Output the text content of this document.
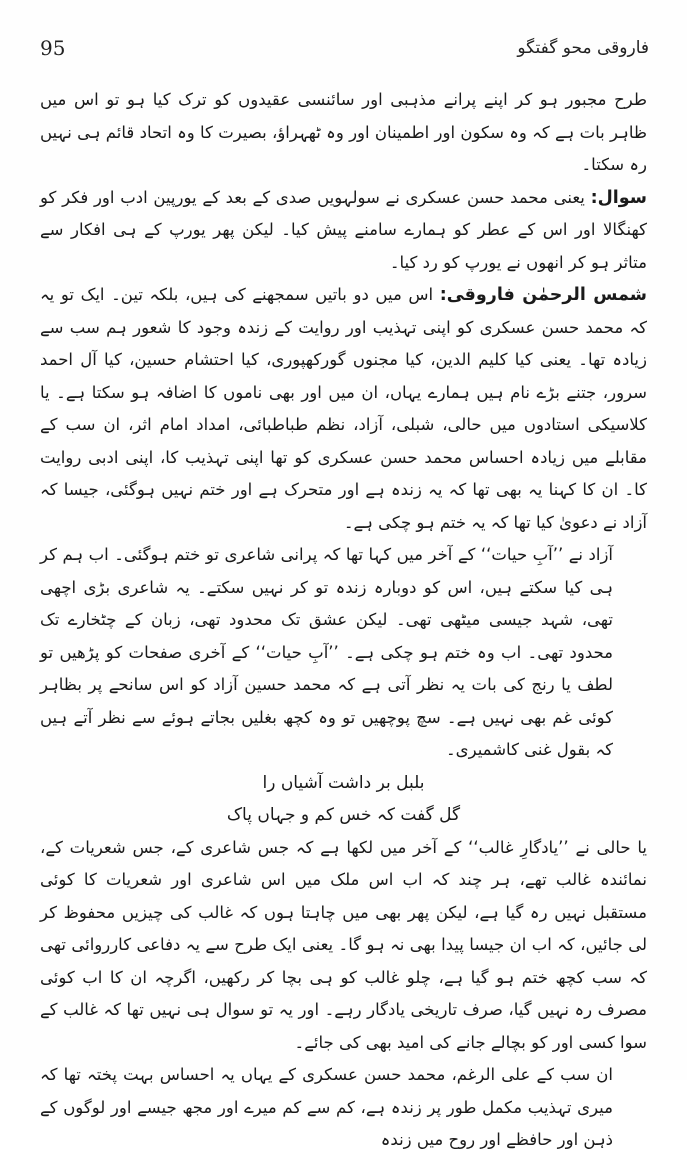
95	فاروقی محو گفتگو

طرح مجبور ہو کر اپنے پرانے مذہبی اور سائنسی عقیدوں کو ترک کیا ہو تو اس میں ظاہر بات ہے کہ وہ سکون اور اطمینان اور وہ ٹھہراؤ، بصیرت کا وہ اتحاد قائم ہی نہیں رہ سکتا۔

سوال: یعنی محمد حسن عسکری نے سولہویں صدی کے بعد کے یورپین ادب اور فکر کو کھنگالا اور اس کے عطر کو ہمارے سامنے پیش کیا۔ لیکن پھر یورپ کے ہی افکار سے متاثر ہو کر انھوں نے یورپ کو رد کیا۔

شمس الرحمٰن فاروقی: اس میں دو باتیں سمجھنے کی ہیں، بلکہ تین۔ ایک تو یہ کہ محمد حسن عسکری کو اپنی تہذیب اور روایت کے زندہ وجود کا شعور ہم سب سے زیادہ تھا۔ یعنی کیا کلیم الدین، کیا مجنوں گورکھپوری، کیا احتشام حسین، کیا آل احمد سرور، جتنے بڑے نام ہیں ہمارے یہاں، ان میں اور بھی ناموں کا اضافہ ہو سکتا ہے۔ یا کلاسیکی استادوں میں حالی، شبلی، آزاد، نظم طباطبائی، امداد امام اثر، ان سب کے مقابلے میں زیادہ احساس محمد حسن عسکری کو تھا اپنی تہذیب کا، اپنی ادبی روایت کا۔ ان کا کہنا یہ بھی تھا کہ یہ زندہ ہے اور متحرک ہے اور ختم نہیں ہوگئی، جیسا کہ آزاد نے دعویٰ کیا تھا کہ یہ ختم ہو چکی ہے۔

آزاد نے ’’آبِ حیات‘‘ کے آخر میں کہا تھا کہ پرانی شاعری تو ختم ہوگئی۔ اب ہم کر ہی کیا سکتے ہیں، اس کو دوبارہ زندہ تو کر نہیں سکتے۔ یہ شاعری بڑی اچھی تھی، شہد جیسی میٹھی تھی۔ لیکن عشق تک محدود تھی، زبان کے چٹخارے تک محدود تھی۔ اب وہ ختم ہو چکی ہے۔ ’’آبِ حیات‘‘ کے آخری صفحات کو پڑھیں تو لطف یا رنج کی بات یہ نظر آتی ہے کہ محمد حسین آزاد کو اس سانحے پر بظاہر کوئی غم بھی نہیں ہے۔ سچ پوچھیں تو وہ کچھ بغلیں بجاتے ہوئے سے نظر آتے ہیں کہ بقول غنی کاشمیری۔

بلبل بر داشت آشیاں را

گل گفت کہ خس کم و جہاں پاک

یا حالی نے ’’یادگارِ غالب‘‘ کے آخر میں لکھا ہے کہ جس شاعری کے، جس شعریات کے، نمائندہ غالب تھے، ہر چند کہ اب اس ملک میں اس شاعری اور شعریات کا کوئی مستقبل نہیں رہ گیا ہے، لیکن پھر بھی میں چاہتا ہوں کہ غالب کی چیزیں محفوظ کر لی جائیں، کہ اب ان جیسا پیدا بھی نہ ہو گا۔ یعنی ایک طرح سے یہ دفاعی کارروائی تھی کہ سب کچھ ختم ہو گیا ہے، چلو غالب کو ہی بچا کر رکھیں، اگرچہ ان کا اب کوئی مصرف رہ نہیں گیا، صرف تاریخی یادگار رہے۔ اور یہ تو سوال ہی نہیں تھا کہ غالب کے سوا کسی اور کو بچالے جانے کی امید بھی کی جائے۔

ان سب کے علی الرغم، محمد حسن عسکری کے یہاں یہ احساس بہت پختہ تھا کہ میری تہذیب مکمل طور پر زندہ ہے، کم سے کم میرے اور مجھ جیسے اور لوگوں کے ذہن اور حافظے اور روح میں زندہ
